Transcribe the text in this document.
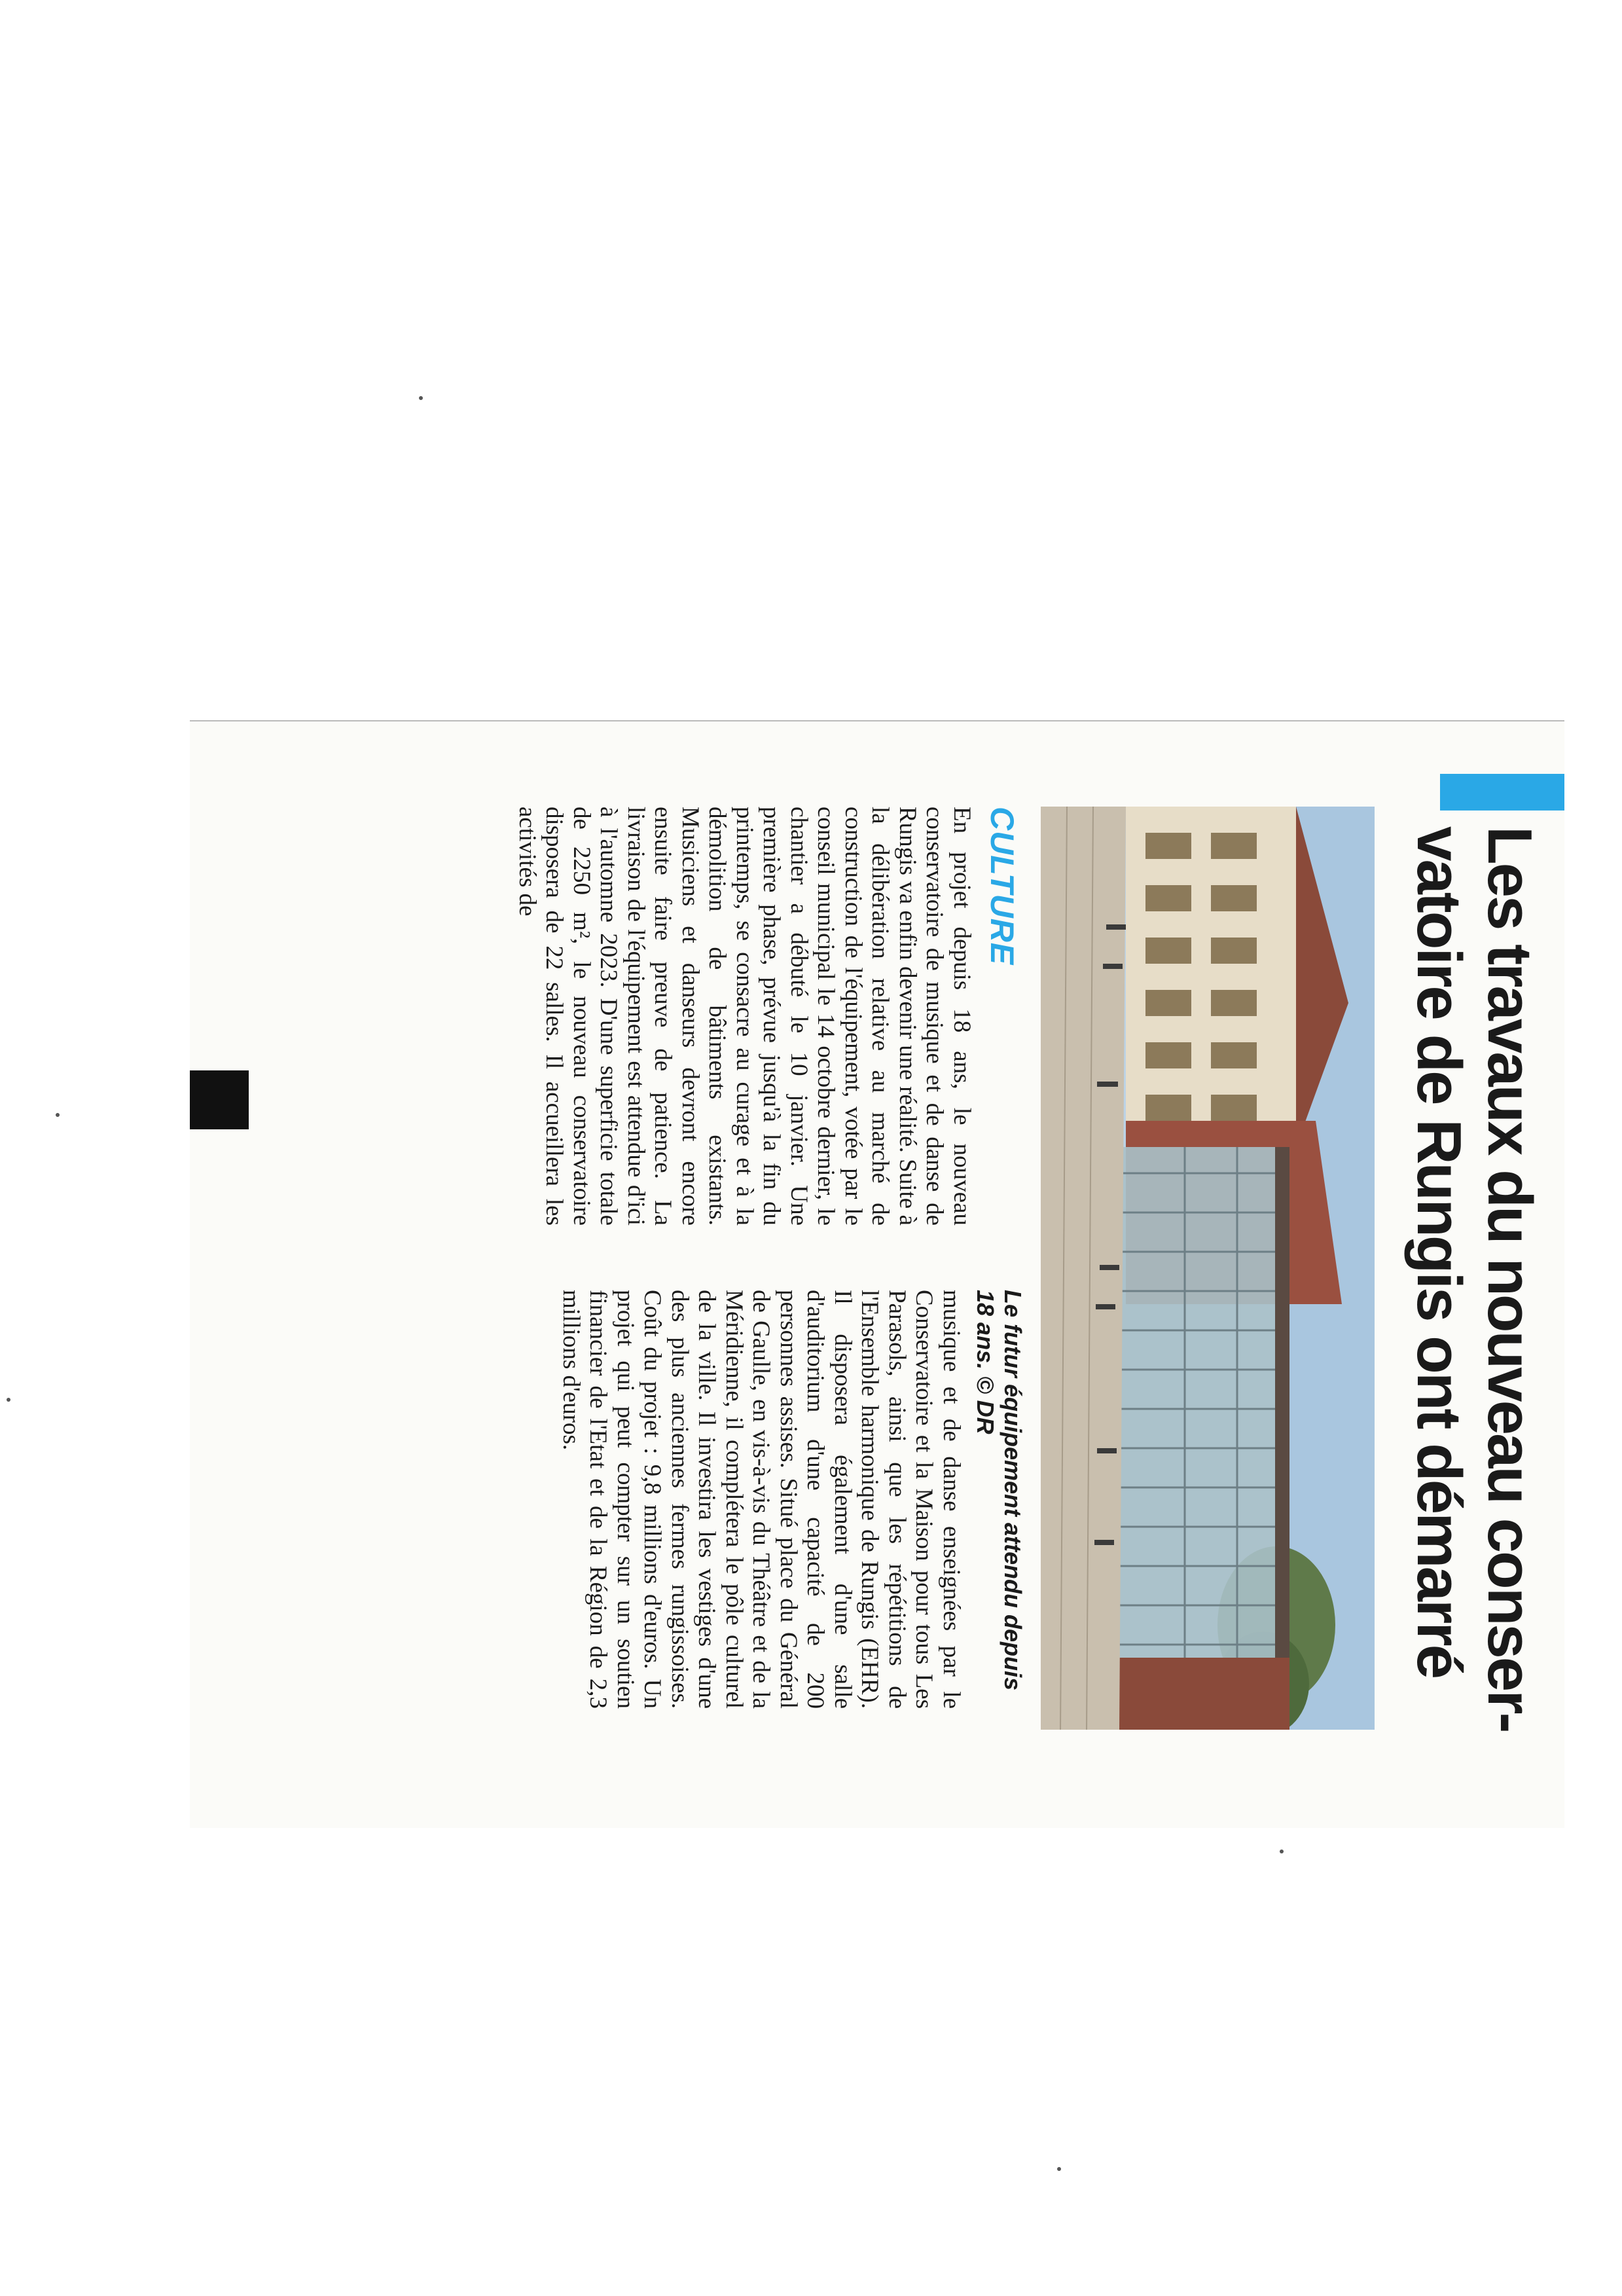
Les travaux du nouveau conser-vatoire de Rungis ont démarré
CULTURE
Le futur équipement attendu depuis 18 ans. © DR

En projet depuis 18 ans, le nouveau conservatoire de musique et de danse de Rungis va enfin devenir une réalité. Suite à la délibération relative au marché de construction de l'équipement, votée par le conseil municipal le 14 octobre dernier, le chantier a débuté le 10 janvier. Une première phase, prévue jusqu'à la fin du printemps, se consacre au curage et à la démolition de bâtiments existants. Musiciens et danseurs devront encore ensuite faire preuve de patience. La livraison de l'équipement est attendue d'ici à l'automne 2023. D'une superficie totale de 2250 m², le nouveau conservatoire disposera de 22 salles. Il accueillera les activités de

musique et de danse enseignées par le Conservatoire et la Maison pour tous Les Parasols, ainsi que les répétitions de l'Ensemble harmonique de Rungis (EHR). Il disposera également d'une salle d'auditorium d'une capacité de 200 personnes assises. Situé place du Général de Gaulle, en vis-à-vis du Théâtre et de la Méridienne, il complétera le pôle culturel de la ville. Il investira les vestiges d'une des plus anciennes fermes rungissoises. Coût du projet : 9,8 millions d'euros. Un projet qui peut compter sur un soutien financier de l'Etat et de la Région de 2,3 millions d'euros.
